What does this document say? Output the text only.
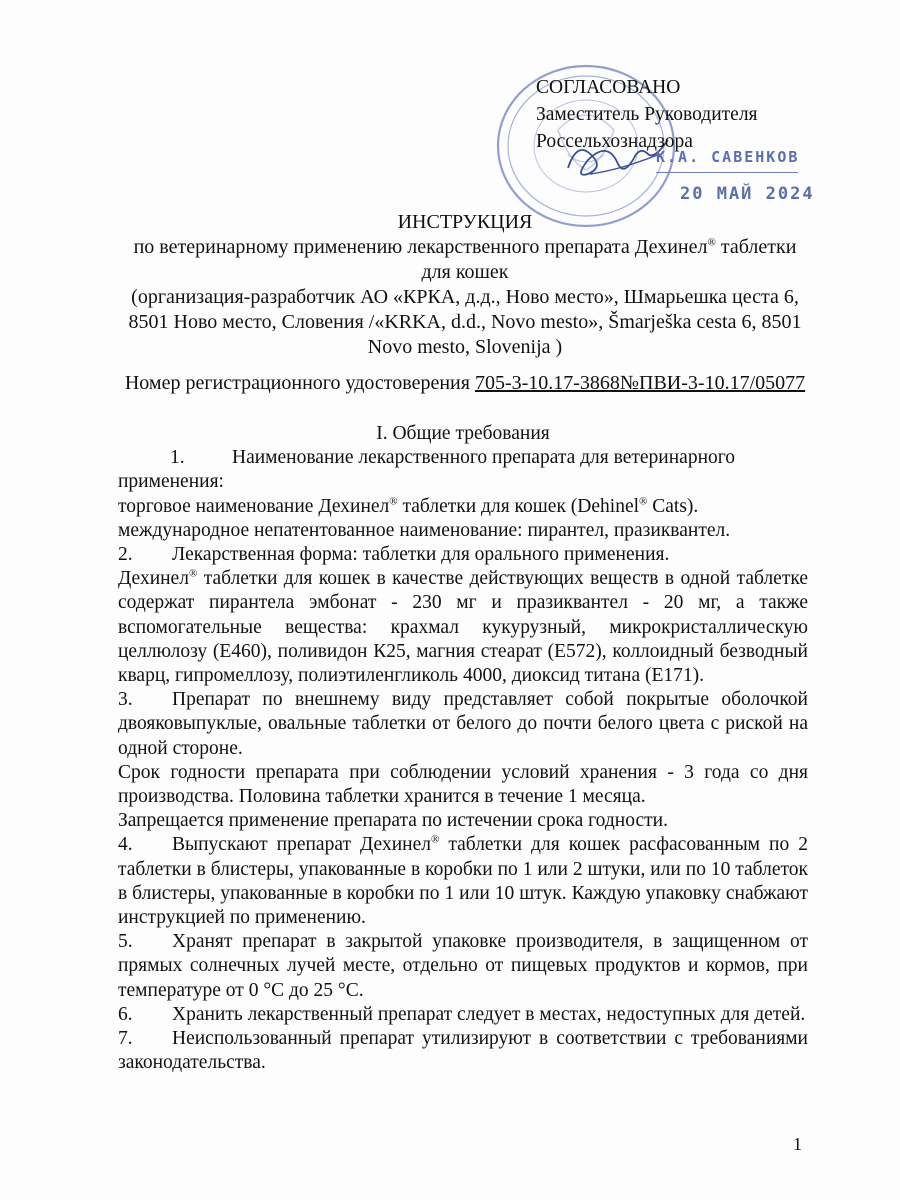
СОГЛАСОВАНО
Заместитель Руководителя
Россельхознадзора
К.А. САВЕНКОВ
20 МАЙ 2024
ИНСТРУКЦИЯ
по ветеринарному применению лекарственного препарата Дехинел® таблетки
для кошек
(организация-разработчик АО «КРКА, д.д., Ново место», Шмарьешка цеста 6,
8501 Ново место, Словения /«KRKA, d.d., Novo mesto», Šmarješka cesta 6, 8501
Novo mesto, Slovenija )
Номер регистрационного удостоверения 705-3-10.17-3868№ПВИ-3-10.17/05077
I. Общие требования

1. Наименование лекарственного препарата для ветеринарного

применения:

торговое наименование Дехинел® таблетки для кошек (Dehinel® Cats).

международное непатентованное наименование: пирантел, празиквантел.

2. Лекарственная форма: таблетки для орального применения.

Дехинел® таблетки для кошек в качестве действующих веществ в одной таблетке содержат пирантела эмбонат - 230 мг и празиквантел - 20 мг, а также вспомогательные вещества: крахмал кукурузный, микрокристаллическую целлюлозу (Е460), поливидон К25, магния стеарат (Е572), коллоидный безводный кварц, гипромеллозу, полиэтиленгликоль 4000, диоксид титана (Е171).

3. Препарат по внешнему виду представляет собой покрытые оболочкой двояковыпуклые, овальные таблетки от белого до почти белого цвета с риской на одной стороне.

Срок годности препарата при соблюдении условий хранения - 3 года со дня производства. Половина таблетки хранится в течение 1 месяца.

Запрещается применение препарата по истечении срока годности.

4. Выпускают препарат Дехинел® таблетки для кошек расфасованным по 2 таблетки в блистеры, упакованные в коробки по 1 или 2 штуки, или по 10 таблеток в блистеры, упакованные в коробки по 1 или 10 штук. Каждую упаковку снабжают инструкцией по применению.

5. Хранят препарат в закрытой упаковке производителя, в защищенном от прямых солнечных лучей месте, отдельно от пищевых продуктов и кормов, при температуре от 0 °С до 25 °С.

6. Хранить лекарственный препарат следует в местах, недоступных для детей.

7. Неиспользованный препарат утилизируют в соответствии с требованиями законодательства.

1
